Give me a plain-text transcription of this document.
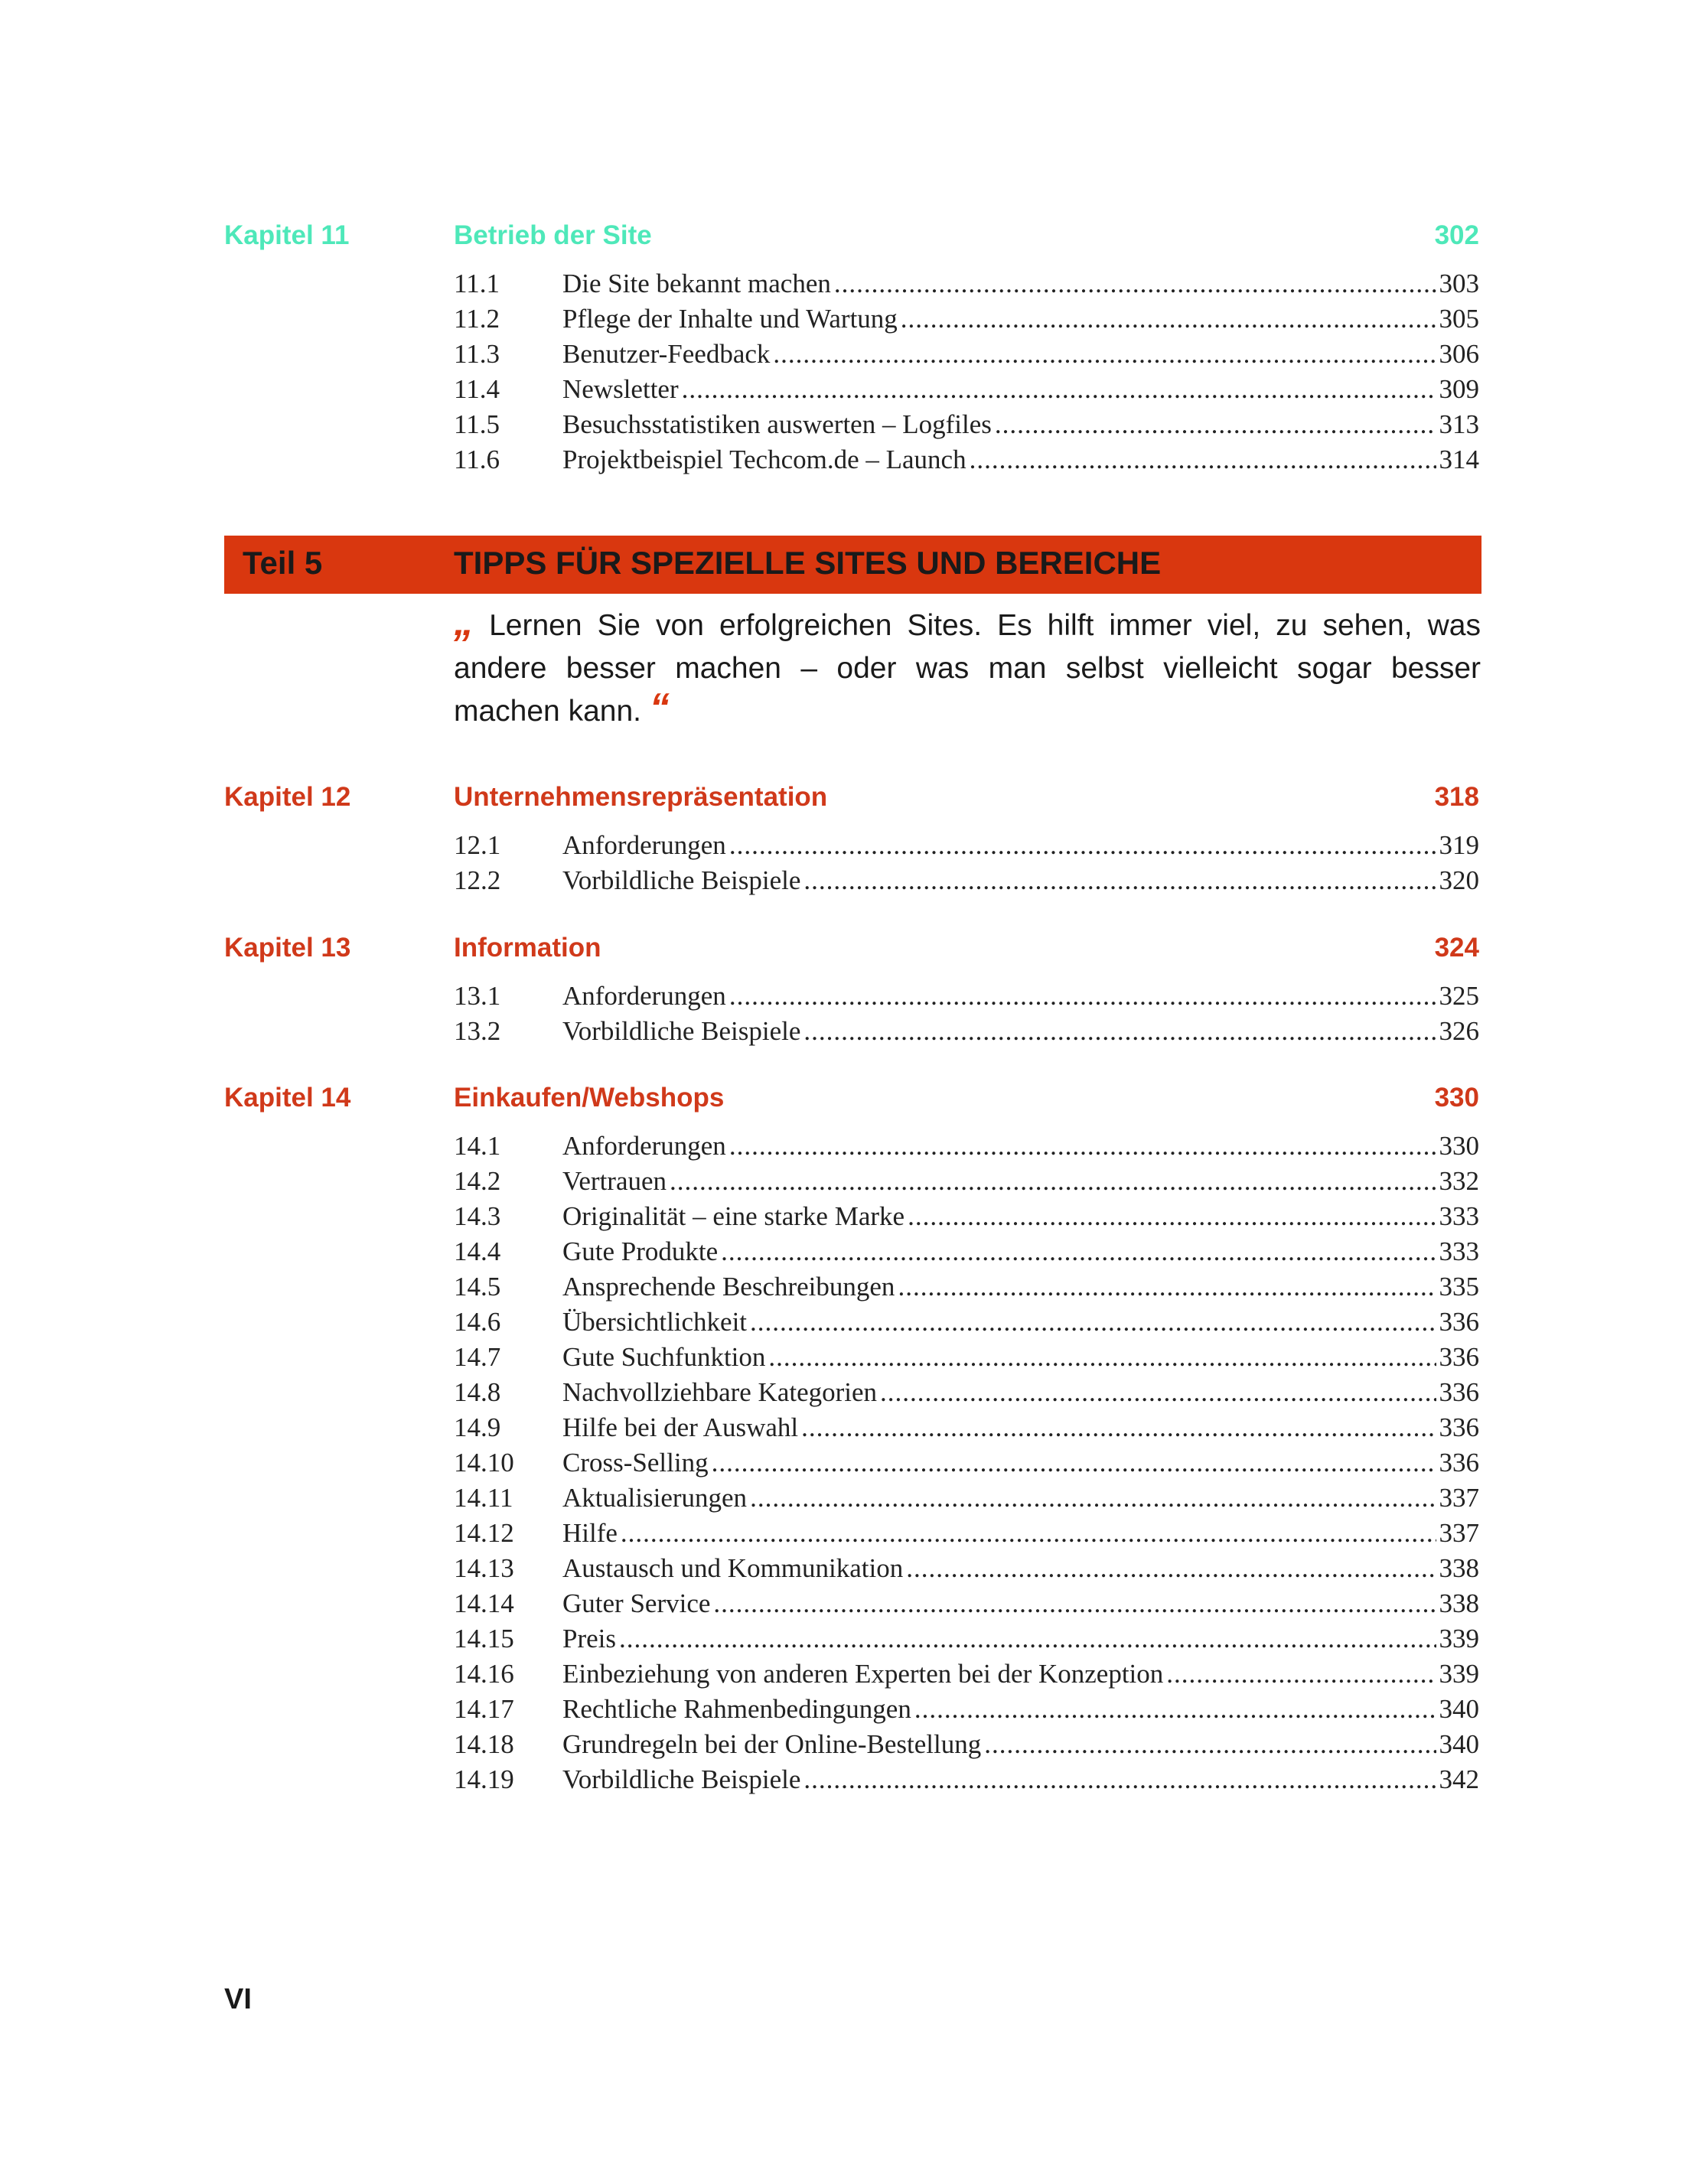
Kapitel 11	Betrieb der Site	302
11.1 Die Site bekannt machen .....	303
11.2 Pflege der Inhalte und Wartung .....	305
11.3 Benutzer-Feedback .....	306
11.4 Newsletter .....	309
11.5 Besuchsstatistiken auswerten – Logfiles .....	313
11.6 Projektbeispiel Techcom.de – Launch .....	314
Teil 5	TIPPS FÜR SPEZIELLE SITES UND BEREICHE
„ Lernen Sie von erfolgreichen Sites. Es hilft immer viel, zu sehen, was andere besser machen – oder was man selbst vielleicht sogar besser machen kann. “
Kapitel 12	Unternehmensrepräsentation	318
12.1 Anforderungen .....	319
12.2 Vorbildliche Beispiele .....	320
Kapitel 13	Information	324
13.1 Anforderungen .....	325
13.2 Vorbildliche Beispiele .....	326
Kapitel 14	Einkaufen/Webshops	330
14.1 Anforderungen .....	330
14.2 Vertrauen .....	332
14.3 Originalität – eine starke Marke .....	333
14.4 Gute Produkte .....	333
14.5 Ansprechende Beschreibungen .....	335
14.6 Übersichtlichkeit .....	336
14.7 Gute Suchfunktion .....	336
14.8 Nachvollziehbare Kategorien .....	336
14.9 Hilfe bei der Auswahl .....	336
14.10 Cross-Selling .....	336
14.11 Aktualisierungen .....	337
14.12 Hilfe .....	337
14.13 Austausch und Kommunikation .....	338
14.14 Guter Service .....	338
14.15 Preis .....	339
14.16 Einbeziehung von anderen Experten bei der Konzeption .....	339
14.17 Rechtliche Rahmenbedingungen .....	340
14.18 Grundregeln bei der Online-Bestellung .....	340
14.19 Vorbildliche Beispiele .....	342
VI
